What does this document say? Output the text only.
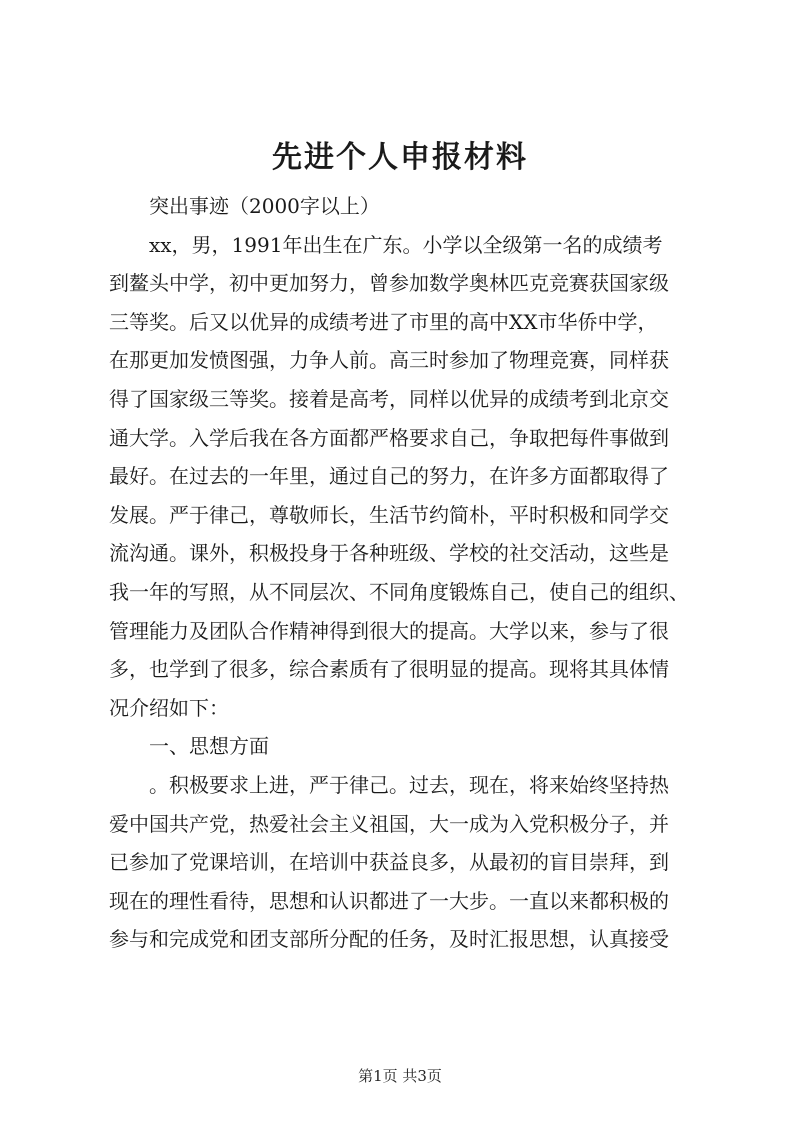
先进个人申报材料
突出事迹（2000字以上）
xx，男，1991年出生在广东。小学以全级第一名的成绩考
到鳌头中学，初中更加努力，曾参加数学奥林匹克竞赛获国家级
三等奖。后又以优异的成绩考进了市里的高中XX市华侨中学，
在那更加发愤图强，力争人前。高三时参加了物理竞赛，同样获
得了国家级三等奖。接着是高考，同样以优异的成绩考到北京交
通大学。入学后我在各方面都严格要求自己，争取把每件事做到
最好。在过去的一年里，通过自己的努力，在许多方面都取得了
发展。严于律己，尊敬师长，生活节约简朴，平时积极和同学交
流沟通。课外，积极投身于各种班级、学校的社交活动，这些是
我一年的写照，从不同层次、不同角度锻炼自己，使自己的组织、
管理能力及团队合作精神得到很大的提高。大学以来，参与了很
多，也学到了很多，综合素质有了很明显的提高。现将其具体情
况介绍如下：
一、思想方面
。积极要求上进，严于律己。过去，现在，将来始终坚持热
爱中国共产党，热爱社会主义祖国，大一成为入党积极分子，并
已参加了党课培训，在培训中获益良多，从最初的盲目崇拜，到
现在的理性看待，思想和认识都进了一大步。一直以来都积极的
参与和完成党和团支部所分配的任务，及时汇报思想，认真接受
第1页 共3页
